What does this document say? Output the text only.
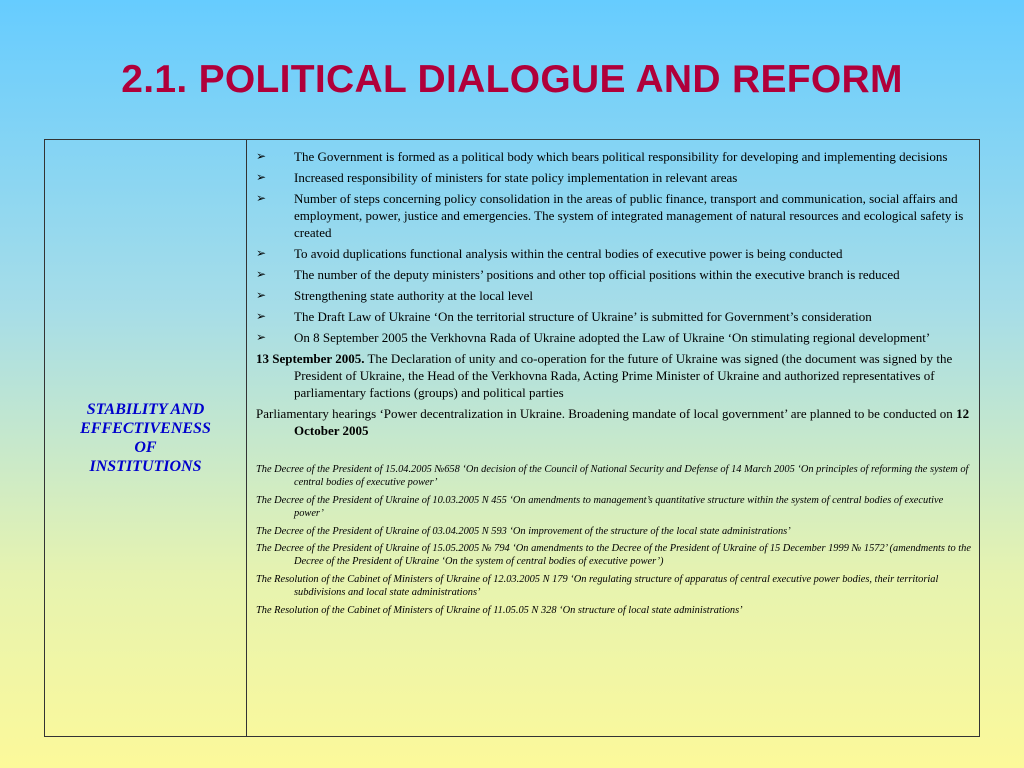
2.1. POLITICAL DIALOGUE AND REFORM
STABILITY AND
EFFECTIVENESS
OF
INSTITUTIONS
➢	The Government is formed as a political body which bears political responsibility for developing and implementing decisions
➢	Increased responsibility of ministers for state policy implementation in relevant areas
➢	Number of steps concerning policy consolidation in the areas of public finance, transport and communication, social affairs and employment, power, justice and emergencies. The system of integrated management of natural resources and ecological safety is created
➢	To avoid duplications functional analysis within the central bodies of executive power is being conducted
➢	The number of the deputy ministers’ positions and other top official positions within the executive branch is reduced
➢	Strengthening state authority at the local level
➢	The Draft Law of Ukraine ‘On the territorial structure of Ukraine’ is submitted for Government’s consideration
➢	On 8 September 2005 the Verkhovna Rada of Ukraine adopted the Law of Ukraine ‘On stimulating regional development’
13 September 2005. The Declaration of unity and co-operation for the future of Ukraine was signed (the document was signed by the President of Ukraine, the Head of the Verkhovna Rada, Acting Prime Minister of Ukraine and authorized representatives of parliamentary factions (groups) and political parties
Parliamentary hearings ‘Power decentralization in Ukraine. Broadening mandate of local government’ are planned to be conducted on 12 October 2005
The Decree of the President of 15.04.2005 №658 ‘On decision of the Council of National Security and Defense of 14 March 2005 ‘On principles of reforming the system of central bodies of executive power’
The Decree of the President of Ukraine of 10.03.2005 N 455 ‘On amendments to management’s quantitative structure within the system of central bodies of executive power’
The Decree of the President of Ukraine of 03.04.2005 N 593 ‘On improvement of the structure of the local state administrations’
The Decree of the President of Ukraine of 15.05.2005 № 794 ‘On amendments to the Decree of the President of Ukraine of 15 December 1999 № 1572’ (amendments to the Decree of the President of Ukraine ‘On the system of central bodies of executive power’)
The Resolution of the Cabinet of Ministers of Ukraine of 12.03.2005 N 179 ‘On regulating structure of apparatus of central executive power bodies, their territorial subdivisions and local state administrations’
The Resolution of the Cabinet of Ministers of Ukraine of 11.05.05 N 328 ‘On structure of local state administrations’
